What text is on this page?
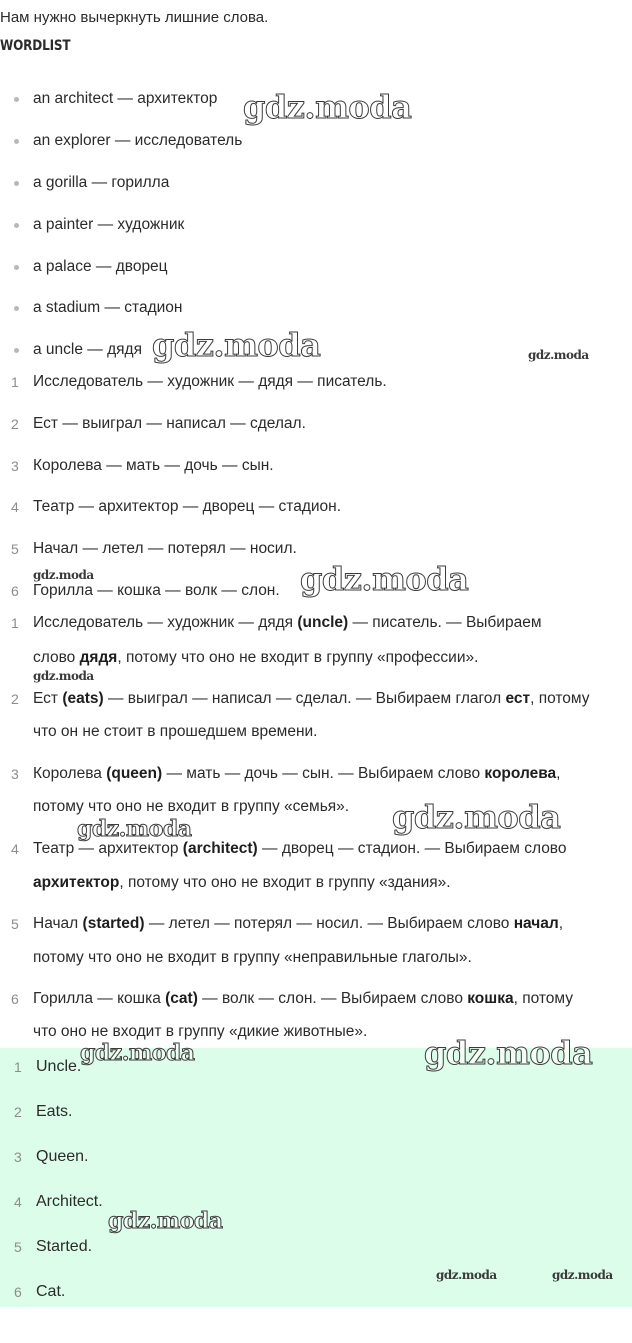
Нам нужно вычеркнуть лишние слова.
WORDLIST
an architect — архитектор
an explorer — исследователь
a gorilla — горилла
a painter — художник
a palace — дворец
a stadium — стадион
a uncle — дядя
1 Исследователь — художник — дядя — писатель.
2 Ест — выиграл — написал — сделал.
3 Королева — мать — дочь — сын.
4 Театр — архитектор — дворец — стадион.
5 Начал — летел — потерял — носил.
6 Горилла — кошка — волк — слон.
1 Исследователь — художник — дядя (uncle) — писатель. — Выбираем
слово дядя, потому что оно не входит в группу «профессии».
2 Ест (eats) — выиграл — написал — сделал. — Выбираем глагол ест, потому
что он не стоит в прошедшем времени.
3 Королева (queen) — мать — дочь — сын. — Выбираем слово королева,
потому что оно не входит в группу «семья».
4 Театр — архитектор (architect) — дворец — стадион. — Выбираем слово
архитектор, потому что оно не входит в группу «здания».
5 Начал (started) — летел — потерял — носил. — Выбираем слово начал,
потому что оно не входит в группу «неправильные глаголы».
6 Горилла — кошка (cat) — волк — слон. — Выбираем слово кошка, потому
что оно не входит в группу «дикие животные».
1 Uncle.
2 Eats.
3 Queen.
4 Architect.
5 Started.
6 Cat.
gdz.moda
gdz.moda	gdz.moda
gdz.moda	gdz.moda
gdz.moda
gdz.moda
gdz.moda
gdz.moda	gdz.moda
gdz.moda
gdz.moda	gdz.moda
